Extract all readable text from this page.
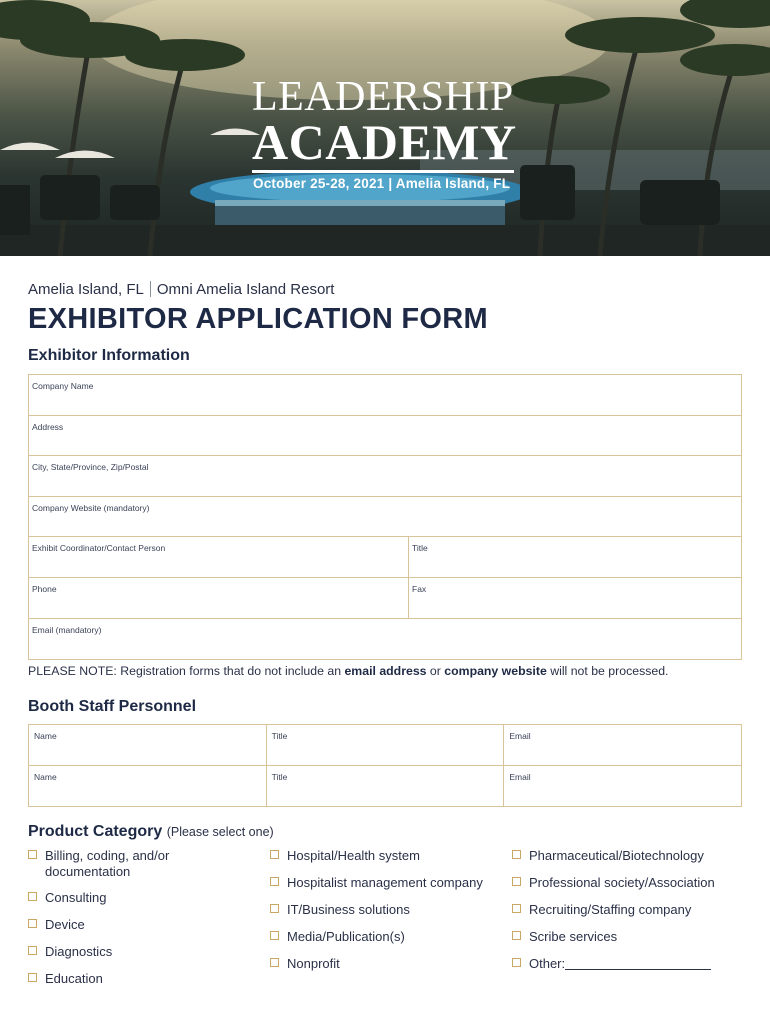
LEADERSHIP
ACADEMY
October 25-28, 2021 | Amelia Island, FL
Amelia Island, FL Omni Amelia Island Resort
EXHIBITOR APPLICATION FORM
Exhibitor Information
Company Name
Address
City, State/Province, Zip/Postal
Company Website (mandatory)
Exhibit Coordinator/Contact Person	Title
Phone	Fax
Email (mandatory)
PLEASE NOTE: Registration forms that do not include an email address or company website will not be processed.
Booth Staff Personnel
Name	Title	Email
Name	Title	Email
Product Category (Please select one)
Billing, coding, and/or documentation
Consulting
Device
Diagnostics
Education
Hospital/Health system
Hospitalist management company
IT/Business solutions
Media/Publication(s)
Nonprofit
Pharmaceutical/Biotechnology
Professional society/Association
Recruiting/Staffing company
Scribe services
Other:
